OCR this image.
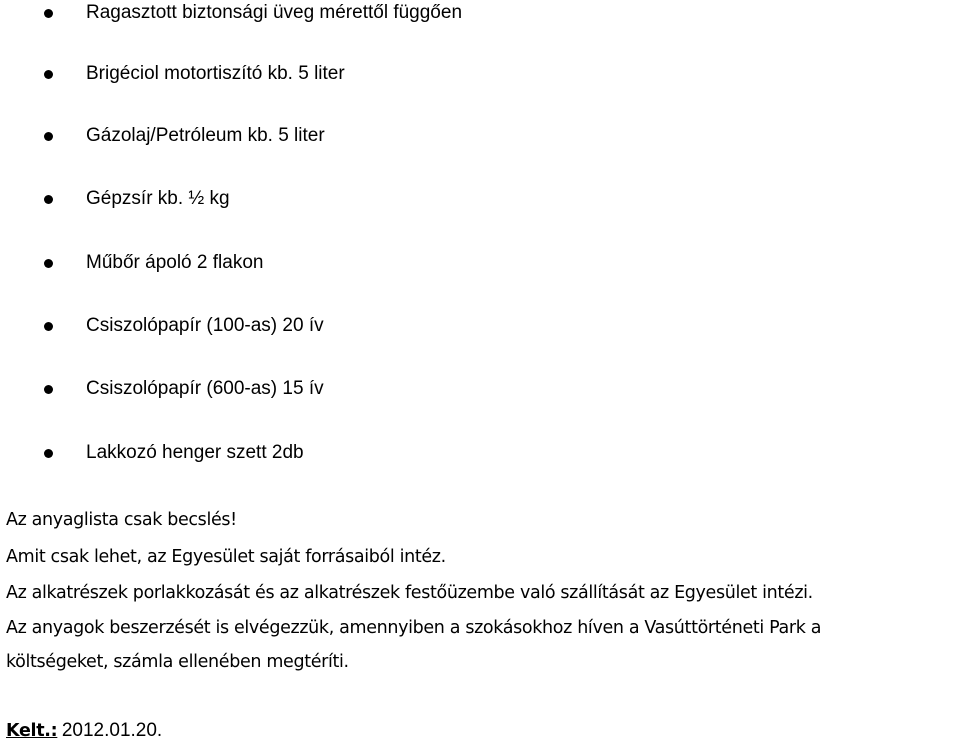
Ragasztott biztonsági üveg mérettől függően
Brigéciol motortiszító kb. 5 liter
Gázolaj/Petróleum kb. 5 liter
Gépzsír kb. ½ kg
Műbőr ápoló 2 flakon
Csiszolópapír (100-as) 20 ív
Csiszolópapír (600-as) 15 ív
Lakkozó henger szett 2db
Az anyaglista csak becslés!
Amit csak lehet, az Egyesület saját forrásaiból intéz.
Az alkatrészek porlakkozását és az alkatrészek festőüzembe való szállítását az Egyesület intézi.
Az anyagok beszerzését is elvégezzük, amennyiben a szokásokhoz híven a Vasúttörténeti Park a
költségeket, számla ellenében megtéríti.
Kelt.: 2012.01.20.
